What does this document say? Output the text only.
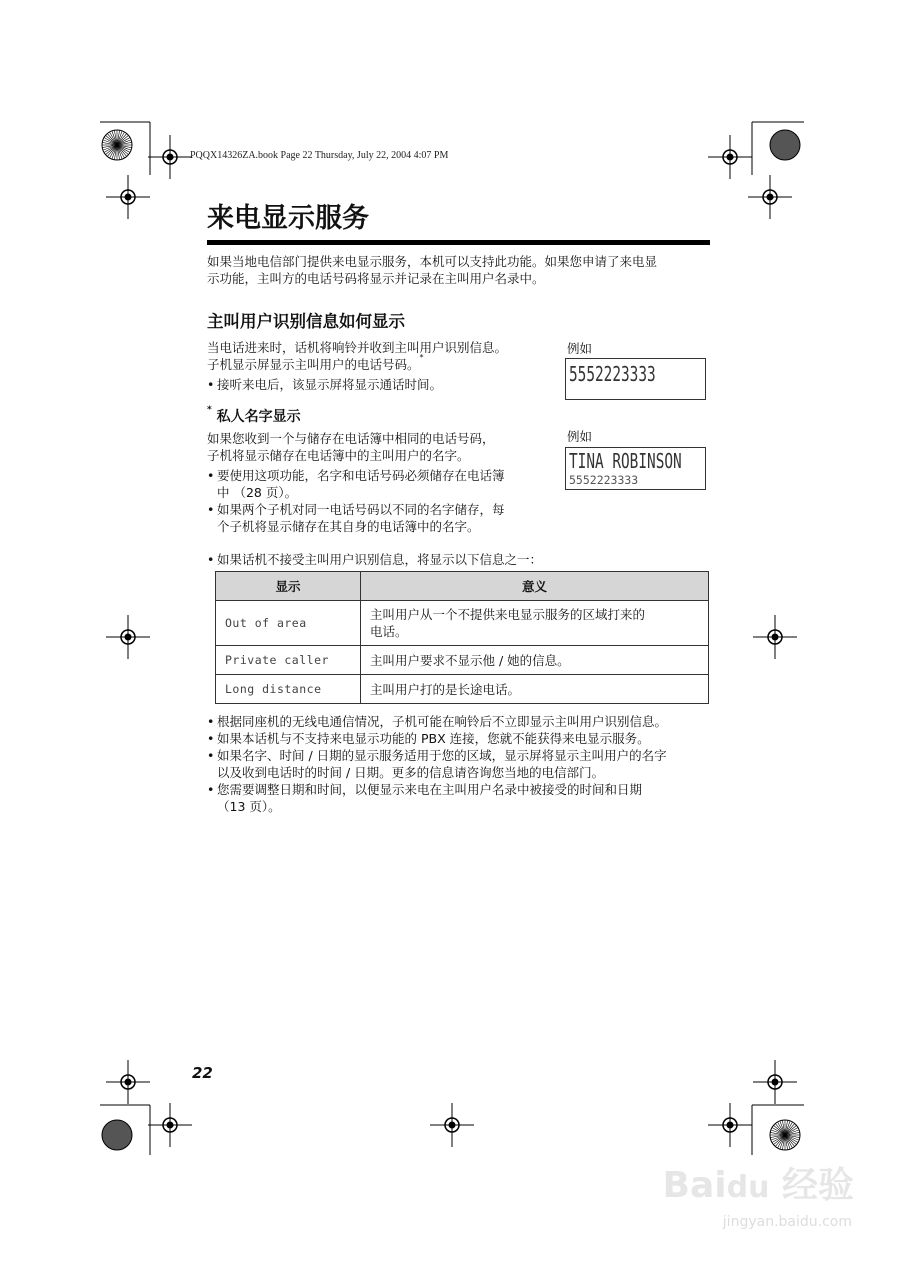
PQQX14326ZA.book Page 22 Thursday, July 22, 2004 4:07 PM
来电显示服务
如果当地电信部门提供来电显示服务，本机可以支持此功能。如果您申请了来电显
示功能，主叫方的电话号码将显示并记录在主叫用户名录中。
主叫用户识别信息如何显示
当电话进来时，话机将响铃并收到主叫用户识别信息。
子机显示屏显示主叫用户的电话号码。*
• 接听来电后，该显示屏将显示通话时间。
例如
5552223333
* 私人名字显示
如果您收到一个与储存在电话簿中相同的电话号码，
子机将显示储存在电话簿中的主叫用户的名字。
• 要使用这项功能，名字和电话号码必须储存在电话簿
中 （28 页）。
• 如果两个子机对同一电话号码以不同的名字储存，每
个子机将显示储存在其自身的电话簿中的名字。
例如
TINA ROBINSON
5552223333
• 如果话机不接受主叫用户识别信息，将显示以下信息之一：
显示	意义
Out of area	主叫用户从一个不提供来电显示服务的区域打来的
电话。

Private caller	主叫用户要求不显示他 / 她的信息。
Long distance	主叫用户打的是长途电话。
• 根据同座机的无线电通信情况，子机可能在响铃后不立即显示主叫用户识别信息。
• 如果本话机与不支持来电显示功能的 PBX 连接，您就不能获得来电显示服务。
• 如果名字、时间 / 日期的显示服务适用于您的区域，显示屏将显示主叫用户的名字
以及收到电话时的时间 / 日期。更多的信息请咨询您当地的电信部门。
• 您需要调整日期和时间，以便显示来电在主叫用户名录中被接受的时间和日期
（13 页）。
22
Baidu 经验
jingyan.baidu.com
